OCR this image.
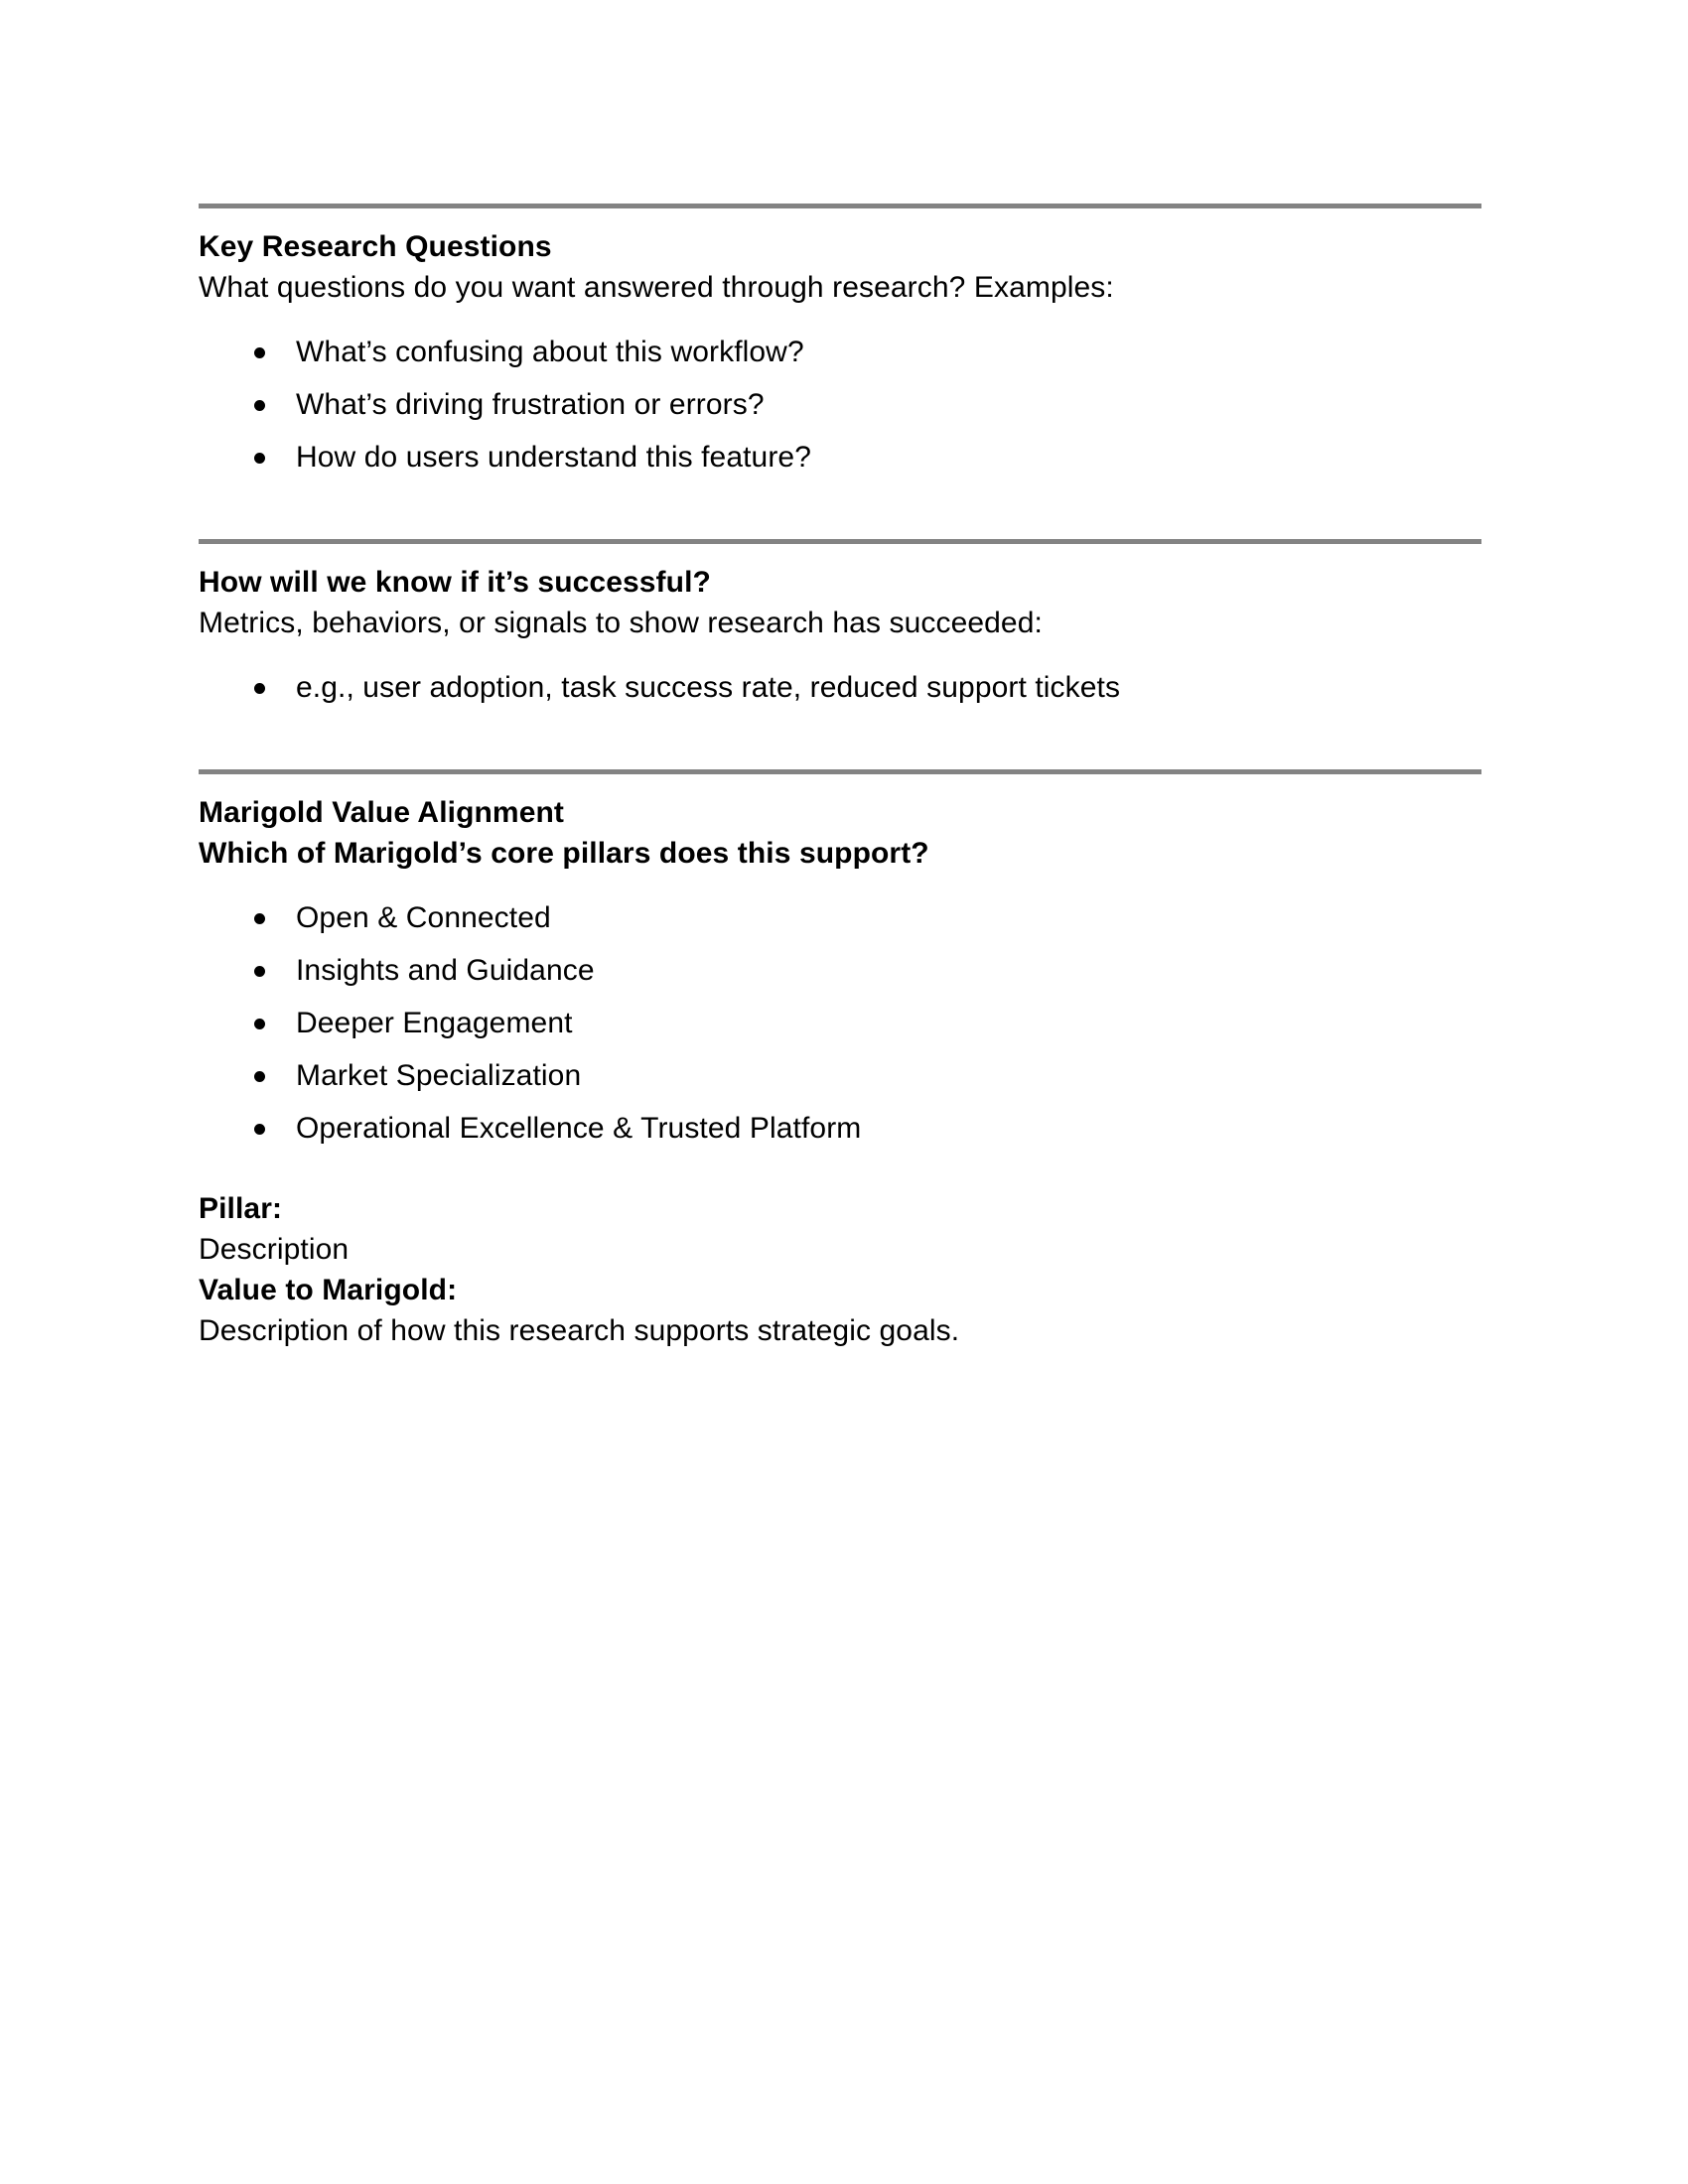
Key Research Questions

What questions do you want answered through research? Examples:

What’s confusing about this workflow?
What’s driving frustration or errors?
How do users understand this feature?
How will we know if it’s successful?

Metrics, behaviors, or signals to show research has succeeded:

e.g., user adoption, task success rate, reduced support tickets
Marigold Value Alignment
Which of Marigold’s core pillars does this support?
Open & Connected
Insights and Guidance
Deeper Engagement
Market Specialization
Operational Excellence & Trusted Platform

Pillar:

Description

Value to Marigold:

Description of how this research supports strategic goals.
